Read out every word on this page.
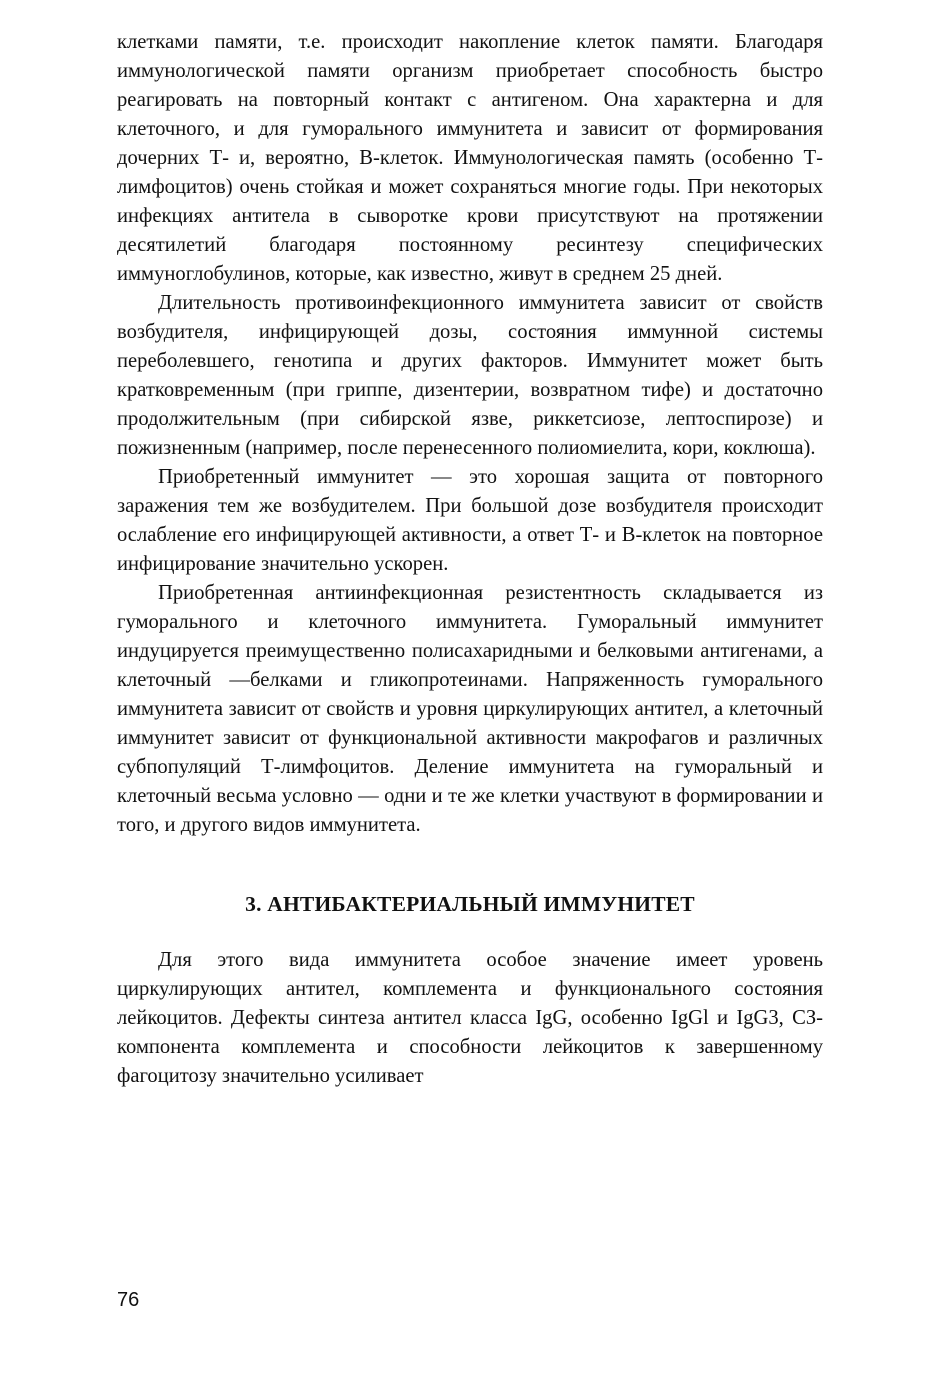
клетками памяти, т.е. происходит накопление клеток памяти. Благодаря иммунологической памяти организм приобретает способность быстро реагировать на повторный контакт с антигеном. Она характерна и для клеточного, и для гуморального иммунитета и зависит от формирования дочерних Т- и, вероятно, В-клеток. Иммунологическая память (особенно Т-лимфоцитов) очень стойкая и может сохраняться многие годы. При некоторых инфекциях антитела в сыворотке крови присутствуют на протяжении десятилетий благодаря постоянному ресинтезу специфических иммуноглобулинов, которые, как известно, живут в среднем 25 дней.

Длительность противоинфекционного иммунитета зависит от свойств возбудителя, инфицирующей дозы, состояния иммунной системы переболевшего, генотипа и других факторов. Иммунитет может быть кратковременным (при гриппе, дизентерии, возвратном тифе) и достаточно продолжительным (при сибирской язве, риккетсиозе, лептоспирозе) и пожизненным (например, после перенесенного полиомиелита, кори, коклюша).

Приобретенный иммунитет — это хорошая защита от повторного заражения тем же возбудителем. При большой дозе возбудителя происходит ослабление его инфицирующей активности, а ответ Т- и В-клеток на повторное инфицирование значительно ускорен.

Приобретенная антиинфекционная резистентность складывается из гуморального и клеточного иммунитета. Гуморальный иммунитет индуцируется преимущественно полисахаридными и белковыми антигенами, а клеточный —белками и гликопротеинами. Напряженность гуморального иммунитета зависит от свойств и уровня циркулирующих антител, а клеточный иммунитет зависит от функциональной активности макрофагов и различных субпопуляций Т-лимфоцитов. Деление иммунитета на гуморальный и клеточный весьма условно — одни и те же клетки участвуют в формировании и того, и другого видов иммунитета.

3. АНТИБАКТЕРИАЛЬНЫЙ ИММУНИТЕТ

Для этого вида иммунитета особое значение имеет уровень циркулирующих антител, комплемента и функционального состояния лейкоцитов. Дефекты синтеза антител класса IgG, особенно IgGl и IgG3, СЗ-компонента комплемента и способности лейкоцитов к завершенному фагоцитозу значительно усиливает

76
